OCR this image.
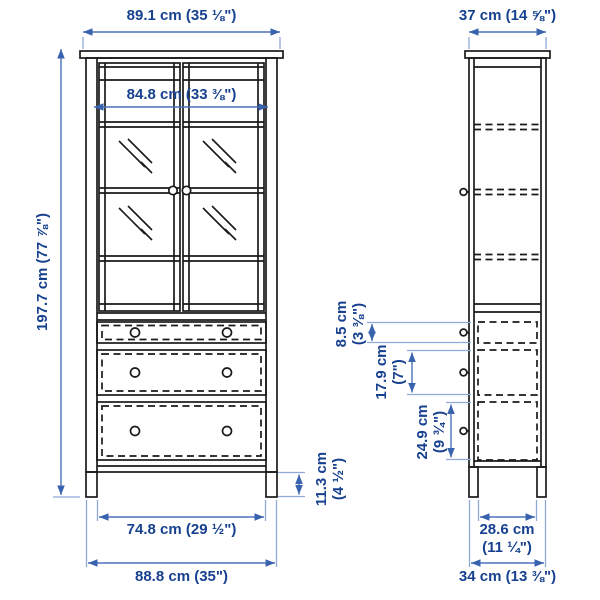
89.1 cm (35 ⅛")
84.8 cm (33 ⅜")
197.7 cm (77 ⅞")
37 cm (14 ⅝")
8.5 cm (3 ⅜")
17.9 cm (7")
24.9 cm (9 ¾")
11.3 cm (4 ½")
74.8 cm (29 ½")
88.8 cm (35")
28.6 cm
(11 ¼")
34 cm (13 ⅜")
